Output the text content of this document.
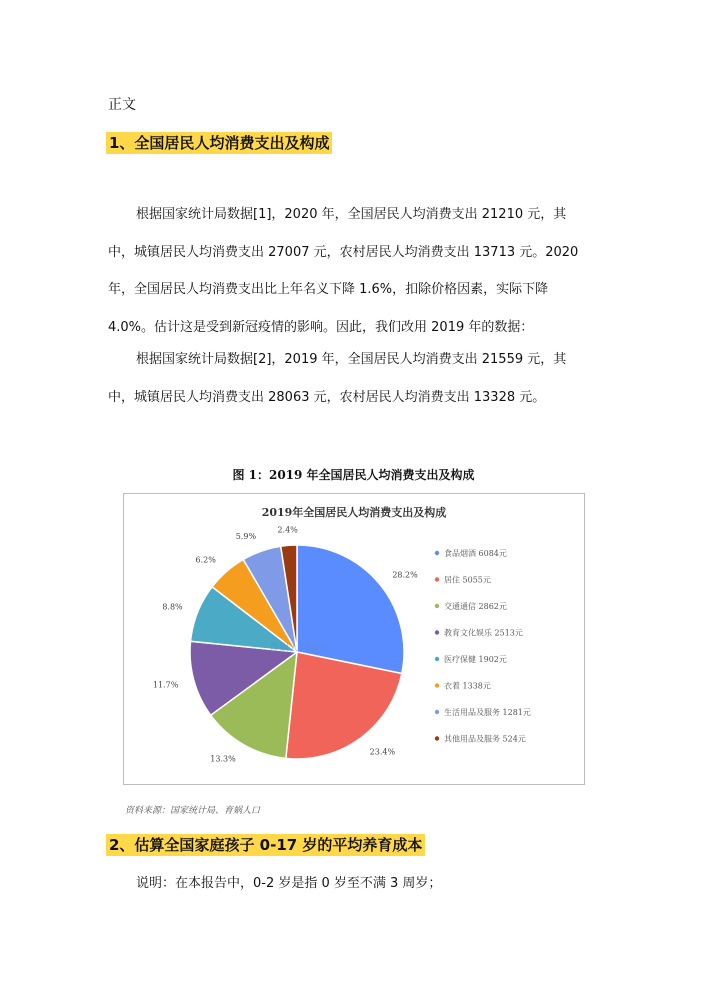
正文
1、全国居民人均消费支出及构成
根据国家统计局数据[1]，2020 年，全国居民人均消费支出 21210 元，其
中，城镇居民人均消费支出 27007 元，农村居民人均消费支出 13713 元。2020
年，全国居民人均消费支出比上年名义下降 1.6%，扣除价格因素，实际下降
4.0%。估计这是受到新冠疫情的影响。因此，我们改用 2019 年的数据：
根据国家统计局数据[2]，2019 年，全国居民人均消费支出 21559 元，其
中，城镇居民人均消费支出 28063 元，农村居民人均消费支出 13328 元。
图 1：2019 年全国居民人均消费支出及构成
2019年全国居民人均消费支出及构成
28.2%
23.4%
13.3%
11.7%
8.8%
6.2%
5.9%
2.4%
食品烟酒 6084元
居住 5055元
交通通信 2862元
教育文化娱乐 2513元
医疗保健 1902元
衣着 1338元
生活用品及服务 1281元
其他用品及服务 524元
育娲人口研究
资料来源：国家统计局、育娲人口
2、估算全国家庭孩子 0-17 岁的平均养育成本
说明：在本报告中，0-2 岁是指 0 岁至不满 3 周岁；
